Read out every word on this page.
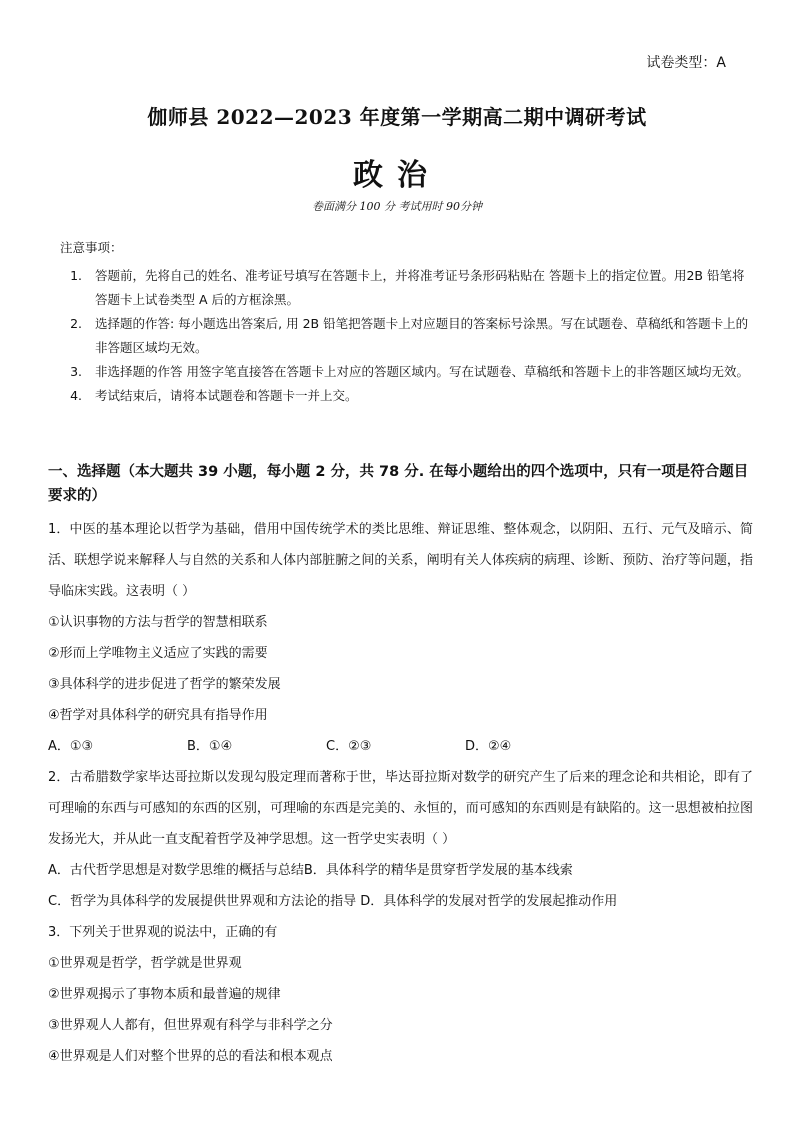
试卷类型：A
伽师县 2022—2023 年度第一学期高二期中调研考试
政治
卷面满分 100 分 考试用时 90分钟
注意事项：
1.	答题前，先将自己的姓名、准考证号填写在答题卡上，并将准考证号条形码粘贴在 答题卡上的指定位置。用2B 铅笔将答题卡上试卷类型 A 后的方框涂黑。
2.	选择题的作答: 每小题选出答案后, 用 2B 铅笔把答题卡上对应题目的答案标号涂黑。写在试题卷、草稿纸和答题卡上的非答题区域均无效。
3.	非选择题的作答 用签字笔直接答在答题卡上对应的答题区域内。写在试题卷、草稿纸和答题卡上的非答题区域均无效。
4.	考试结束后，请将本试题卷和答题卡一并上交。
一、选择题（本大题共 39 小题，每小题 2 分，共 78 分. 在每小题给出的四个选项中，只有一项是符合题目要求的）
1．中医的基本理论以哲学为基础，借用中国传统学术的类比思维、辩证思维、整体观念，以阴阳、五行、元气及暗示、简活、联想学说来解释人与自然的关系和人体内部脏腑之间的关系，阐明有关人体疾病的病理、诊断、预防、治疗等问题，指导临床实践。这表明（ ）
①认识事物的方法与哲学的智慧相联系
②形而上学唯物主义适应了实践的需要
③具体科学的进步促进了哲学的繁荣发展
④哲学对具体科学的研究具有指导作用
A．①③	B．①④	C．②③	D．②④
2．古希腊数学家毕达哥拉斯以发现勾股定理而著称于世，毕达哥拉斯对数学的研究产生了后来的理念论和共相论，即有了可理喻的东西与可感知的东西的区别，可理喻的东西是完美的、永恒的，而可感知的东西则是有缺陷的。这一思想被柏拉图发扬光大，并从此一直支配着哲学及神学思想。这一哲学史实表明（ ）
A．古代哲学思想是对数学思维的概括与总结B．具体科学的精华是贯穿哲学发展的基本线索
C．哲学为具体科学的发展提供世界观和方法论的指导 D．具体科学的发展对哲学的发展起推动作用
3．下列关于世界观的说法中，正确的有
①世界观是哲学，哲学就是世界观
②世界观揭示了事物本质和最普遍的规律
③世界观人人都有，但世界观有科学与非科学之分
④世界观是人们对整个世界的总的看法和根本观点
